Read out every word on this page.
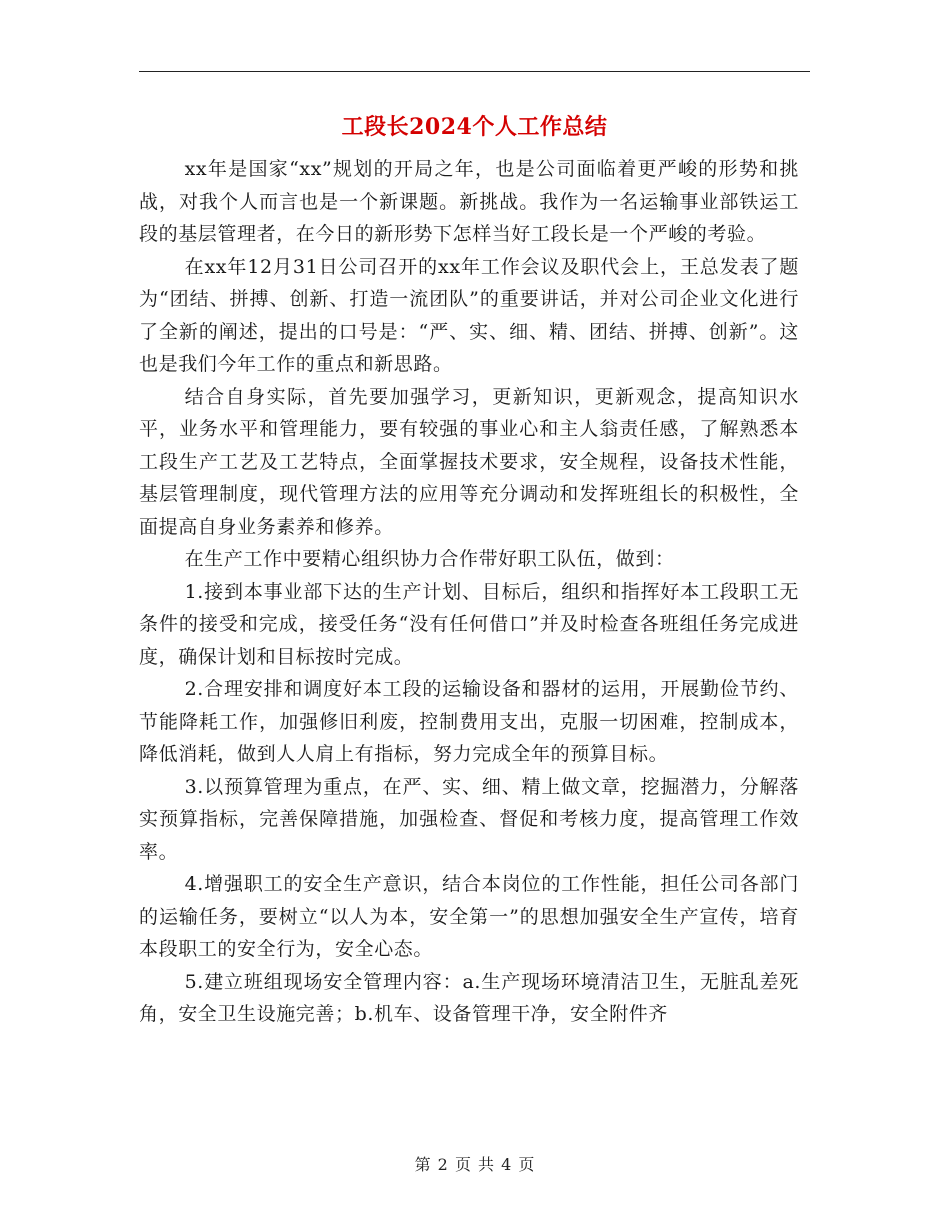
工段长2024个人工作总结

xx年是国家“xx”规划的开局之年，也是公司面临着更严峻的形势和挑战，对我个人而言也是一个新课题。新挑战。我作为一名运输事业部铁运工段的基层管理者，在今日的新形势下怎样当好工段长是一个严峻的考验。

在xx年12月31日公司召开的xx年工作会议及职代会上，王总发表了题为“团结、拼搏、创新、打造一流团队”的重要讲话，并对公司企业文化进行了全新的阐述，提出的口号是：“严、实、细、精、团结、拼搏、创新”。这也是我们今年工作的重点和新思路。

结合自身实际，首先要加强学习，更新知识，更新观念，提高知识水平，业务水平和管理能力，要有较强的事业心和主人翁责任感，了解熟悉本工段生产工艺及工艺特点，全面掌握技术要求，安全规程，设备技术性能，基层管理制度，现代管理方法的应用等充分调动和发挥班组长的积极性，全面提高自身业务素养和修养。

在生产工作中要精心组织协力合作带好职工队伍，做到：

1.接到本事业部下达的生产计划、目标后，组织和指挥好本工段职工无条件的接受和完成，接受任务“没有任何借口”并及时检查各班组任务完成进度，确保计划和目标按时完成。

2.合理安排和调度好本工段的运输设备和器材的运用，开展勤俭节约、节能降耗工作，加强修旧利废，控制费用支出，克服一切困难，控制成本，降低消耗，做到人人肩上有指标，努力完成全年的预算目标。

3.以预算管理为重点，在严、实、细、精上做文章，挖掘潜力，分解落实预算指标，完善保障措施，加强检查、督促和考核力度，提高管理工作效率。

4.增强职工的安全生产意识，结合本岗位的工作性能，担任公司各部门的运输任务，要树立“以人为本，安全第一”的思想加强安全生产宣传，培育本段职工的安全行为，安全心态。

5.建立班组现场安全管理内容：a.生产现场环境清洁卫生，无脏乱差死角，安全卫生设施完善；b.机车、设备管理干净，安全附件齐

第 2 页 共 4 页
